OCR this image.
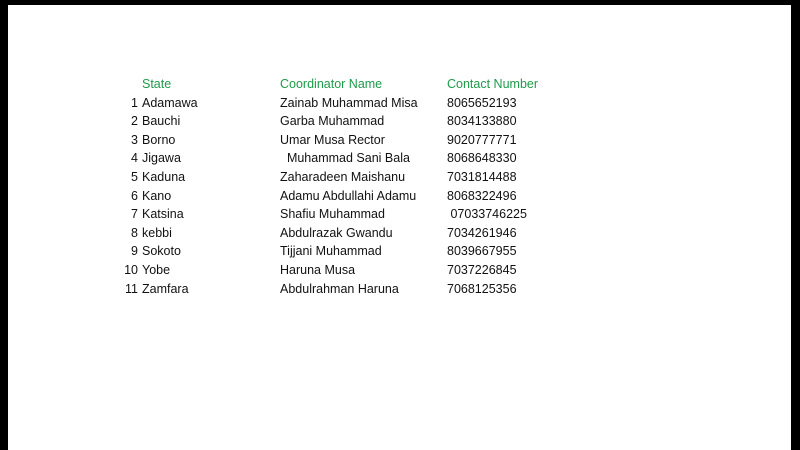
State	Coordinator Name	Contact Number
1 Adamawa	Zainab Muhammad Misa 8065652193
2 Bauchi	Garba Muhammad	8034133880
3 Borno	Umar Musa Rector	9020777771
4 Jigawa	Muhammad Sani Bala	8068648330
5 Kaduna	Zaharadeen Maishanu	7031814488
6 Kano	Adamu Abdullahi Adamu 8068322496
7 Katsina	Shafiu Muhammad	07033746225
8 kebbi	Abdulrazak Gwandu	7034261946
9 Sokoto	Tijjani Muhammad	8039667955
10 Yobe	Haruna Musa	7037226845
11 Zamfara	Abdulrahman Haruna	7068125356
